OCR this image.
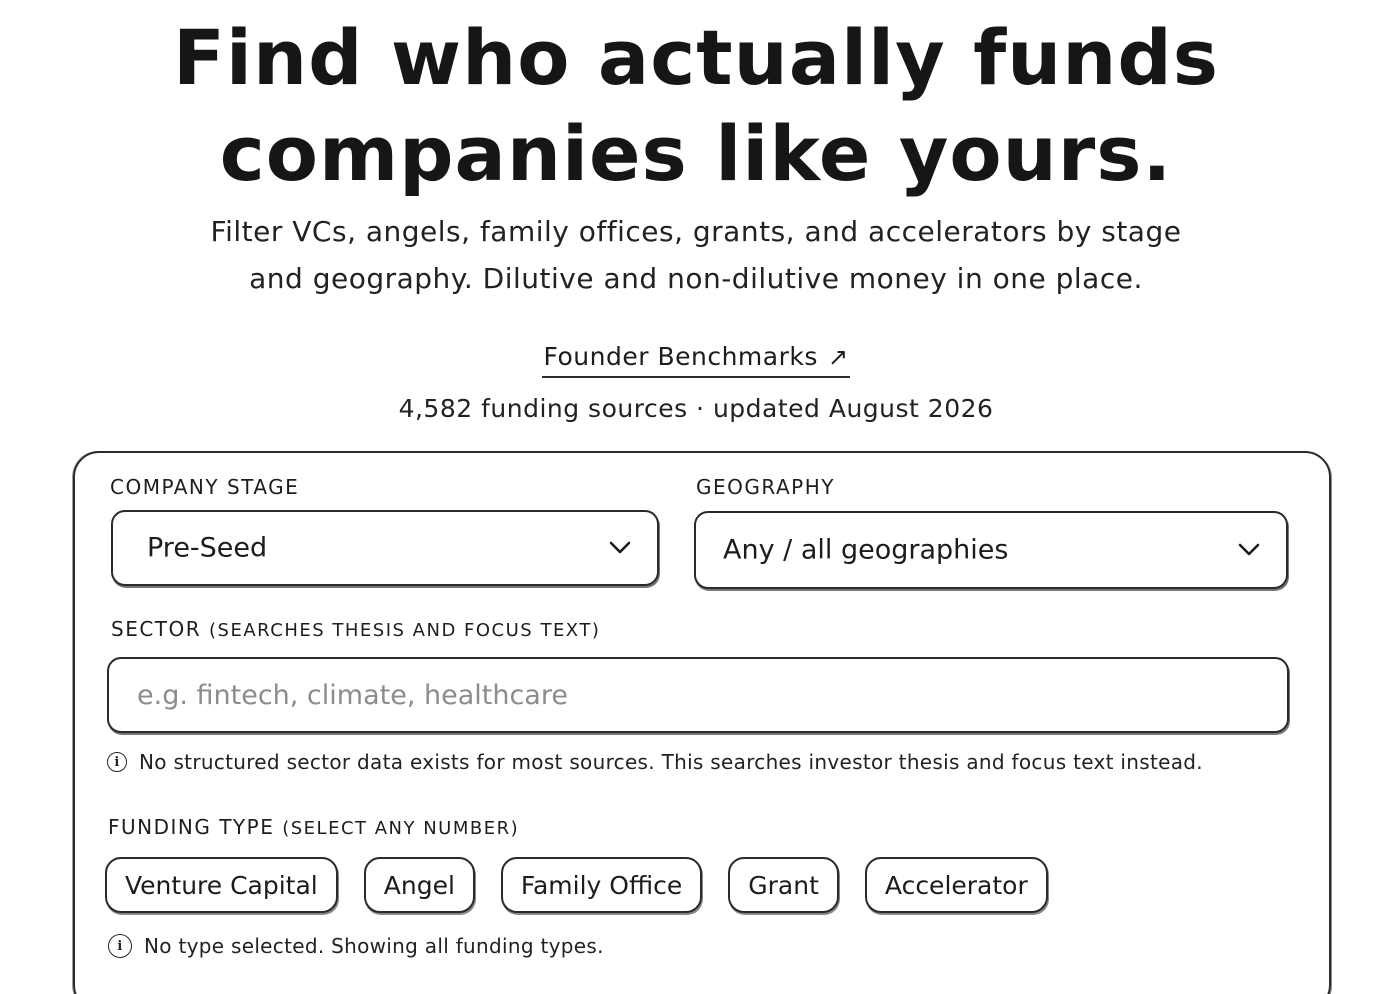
Find who actually funds
companies like yours.

Filter VCs, angels, family offices, grants, and accelerators by stage
and geography. Dilutive and non-dilutive money in one place.

Founder Benchmarks ↗
4,582 funding sources · updated August 2026
COMPANY STAGE
Pre-Seed
GEOGRAPHY
Any / all geographies
SECTOR (SEARCHES THESIS AND FOCUS TEXT)
e.g. fintech, climate, healthcare
i No structured sector data exists for most sources. This searches investor thesis and focus text instead.
FUNDING TYPE (SELECT ANY NUMBER)
Venture Capital	Angel	Family Office	Grant	Accelerator
i	No type selected. Showing all funding types.
